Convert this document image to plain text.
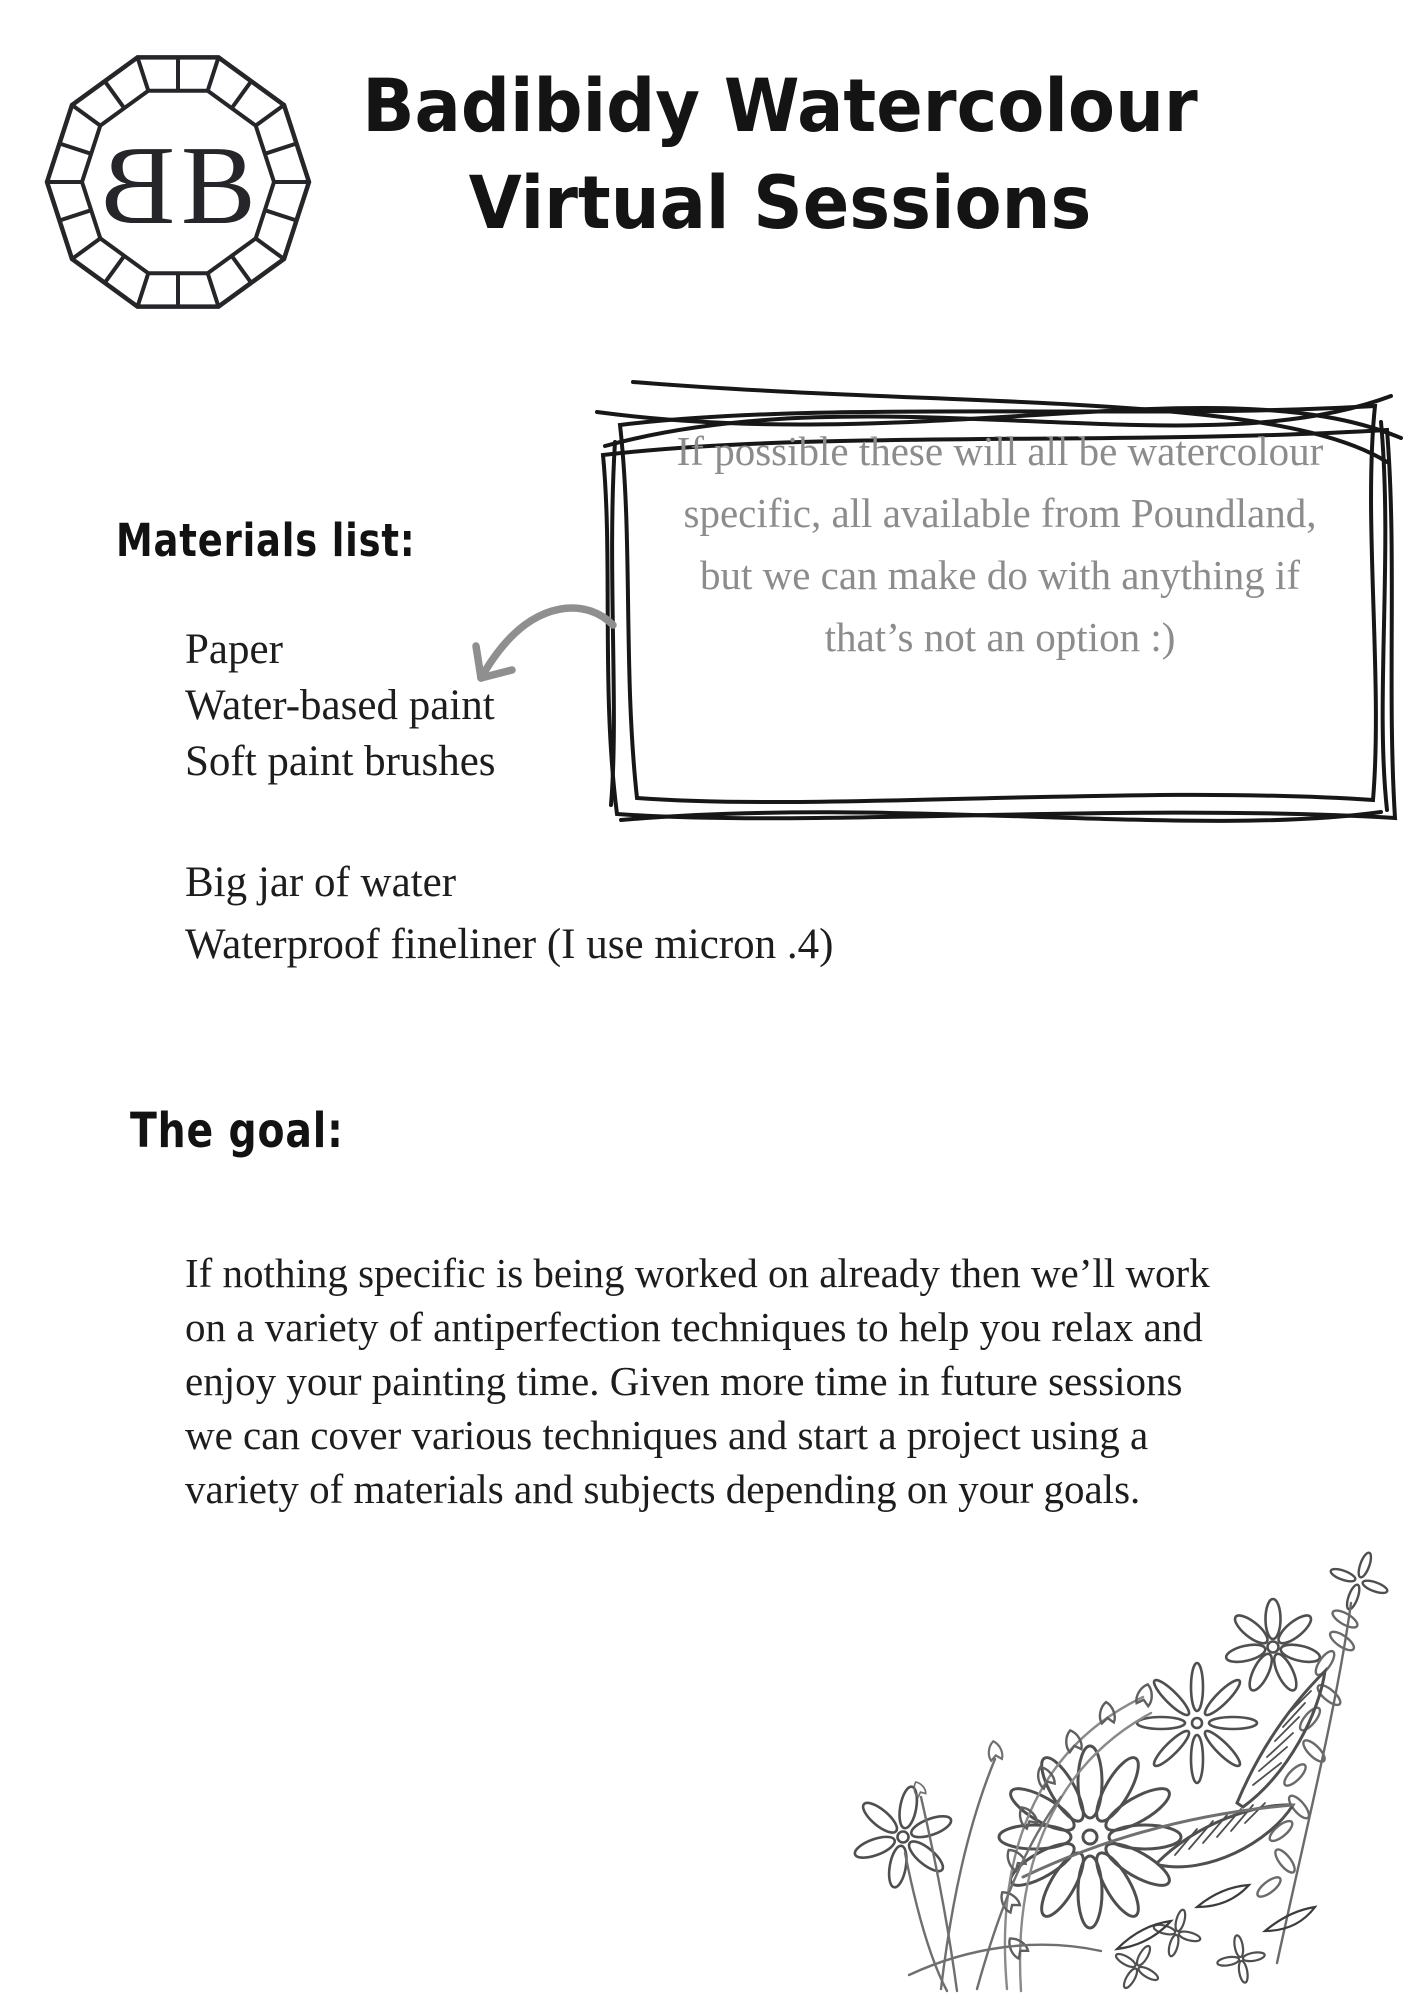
B B
Badibidy Watercolour
Virtual Sessions
If possible these will all be watercolour specific, all available from Poundland, but we can make do with anything if that’s not an option :)
Materials list:
Paper
Water-based paint
Soft paint brushes
Big jar of water
Waterproof fineliner (I use micron .4)
The goal:
If nothing specific is being worked on already then we’ll work on a variety of antiperfection techniques to help you relax and enjoy your painting time. Given more time in future sessions we can cover various techniques and start a project using a variety of materials and subjects depending on your goals.
